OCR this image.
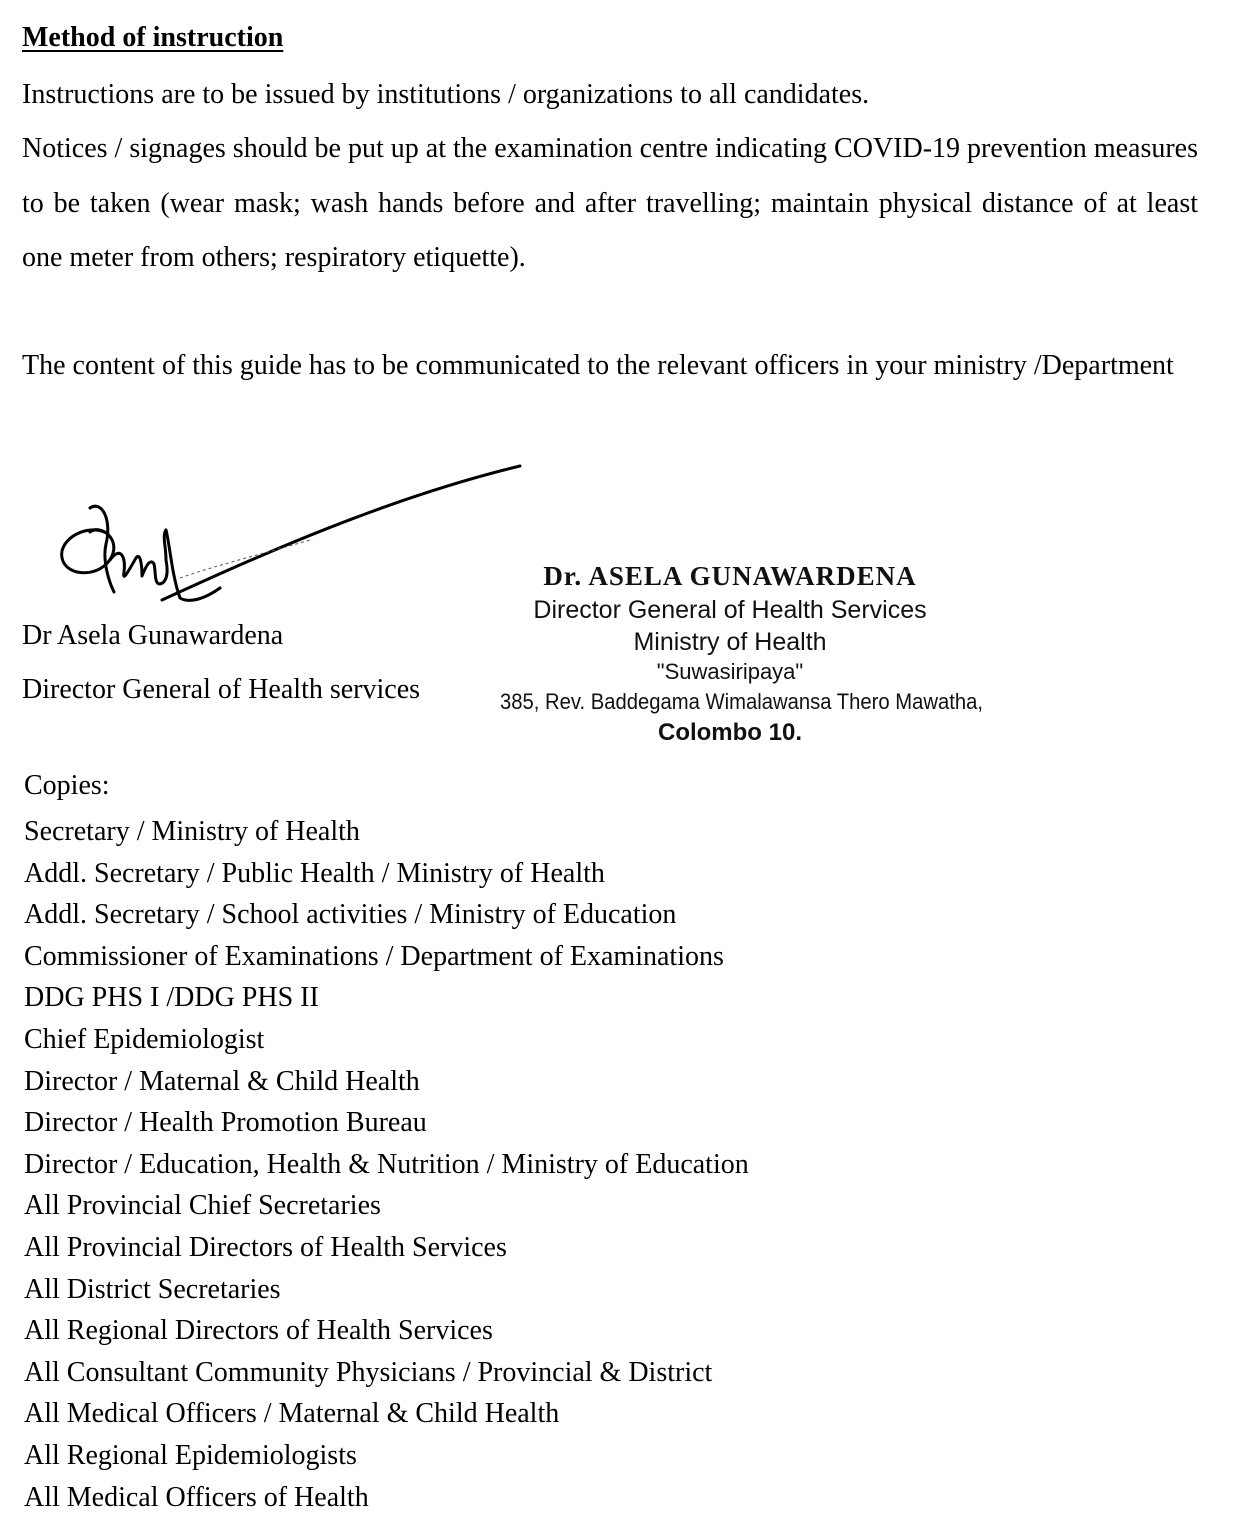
Method of instruction

Instructions are to be issued by institutions / organizations to all candidates.

Notices / signages should be put up at the examination centre indicating COVID-19 prevention measures to be taken (wear mask; wash hands before and after travelling; maintain physical distance of at least one meter from others; respiratory etiquette).

The content of this guide has to be communicated to the relevant officers in your ministry /Department

Dr Asela Gunawardena

Director General of Health services

Dr. ASELA GUNAWARDENA
Director General of Health Services
Ministry of Health
"Suwasiripaya"
385, Rev. Baddegama Wimalawansa Thero Mawatha,
Colombo 10.

Copies:

Secretary / Ministry of Health
Addl. Secretary / Public Health / Ministry of Health
Addl. Secretary / School activities / Ministry of Education
Commissioner of Examinations / Department of Examinations
DDG PHS I /DDG PHS II
Chief Epidemiologist
Director / Maternal & Child Health
Director / Health Promotion Bureau
Director / Education, Health & Nutrition / Ministry of Education
All Provincial Chief Secretaries
All Provincial Directors of Health Services
All District Secretaries
All Regional Directors of Health Services
All Consultant Community Physicians / Provincial & District
All Medical Officers / Maternal & Child Health
All Regional Epidemiologists
All Medical Officers of Health
